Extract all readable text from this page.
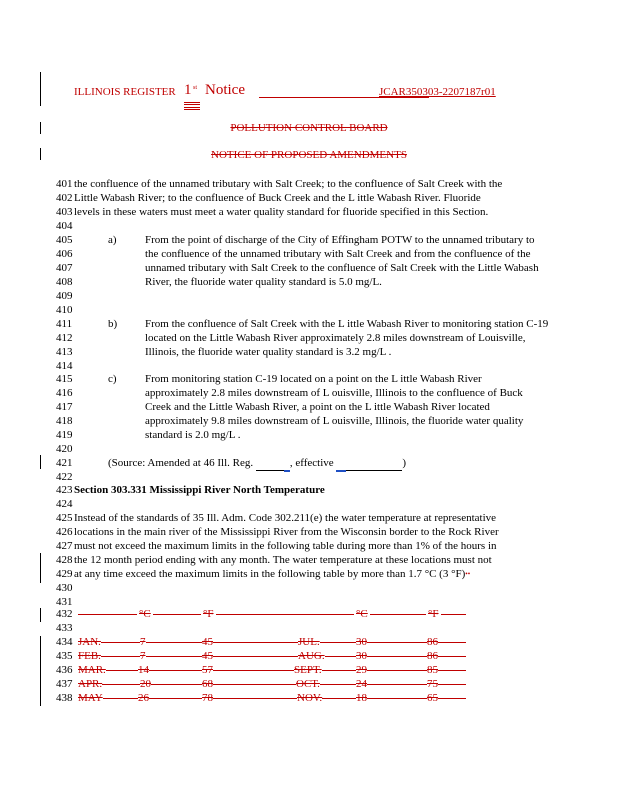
ILLINOIS REGISTER 1 st Notice	JCAR350303-2207187r01
POLLUTION CONTROL BOARD
NOTICE OF PROPOSED AMENDMENTS
401 the confluence of the unnamed tributary with Salt Creek; to the confluence of Salt Creek with the
402 Little Wabash River; to the confluence of Buck Creek and the L ittle Wabash River. Fluoride
403 levels in these waters must meet a water quality standard for fluoride specified in this Section.
404
405
406
407
408
409
410
a)	From the point of discharge of the City of Effingham POTW to the unnamed tributary to the confluence of the unnamed tributary with Salt Creek and from the confluence of the unnamed tributary with Salt Creek to the confluence of Salt Creek with the Little Wabash River, the fluoride water quality standard is 5.0 mg/L.
411
412
413
414
b)	From the confluence of Salt Creek with the L ittle Wabash River to monitoring station C-19 located on the Little Wabash River approximately 2.8 miles downstream of Louisville, Illinois, the fluoride water quality standard is 3.2 mg/L .
415
416
417
418
419
420
c)	From monitoring station C-19 located on a point on the L ittle Wabash River approximately 2.8 miles downstream of L ouisville, Illinois to the confluence of Buck Creek and the Little Wabash River, a point on the L ittle Wabash River located approximately 9.8 miles downstream of L ouisville, Illinois, the fluoride water quality standard is 2.0 mg/L .
421	(Source: Amended at 46 Ill. Reg.	, effective	)
422
423 Section 303.331 Mississippi River North Temperature
424
425 Instead of the standards of 35 Ill. Adm. Code 302.211(e) the water temperature at representative
426 locations in the main river of the Mississippi River from the Wisconsin border to the Rock River
427 must not exceed the maximum limits in the following table during more than 1% of the hours in
428 the 12 month period ending with any month. The water temperature at these locations must not
429 at any time exceed the maximum limits in the following table by more than 1.7 °C (3 °F)••
430
431
432	°C	°F	°C	°F
433
434 JAN.	7	45	JUL.	30	86
435 FEB.	7	45	AUG.	30	86
436 MAR.	14	57	SEPT.	29	85
437 APR.	20	68	OCT.	24	75
438 MAY	26	78	NOV.	18	65
